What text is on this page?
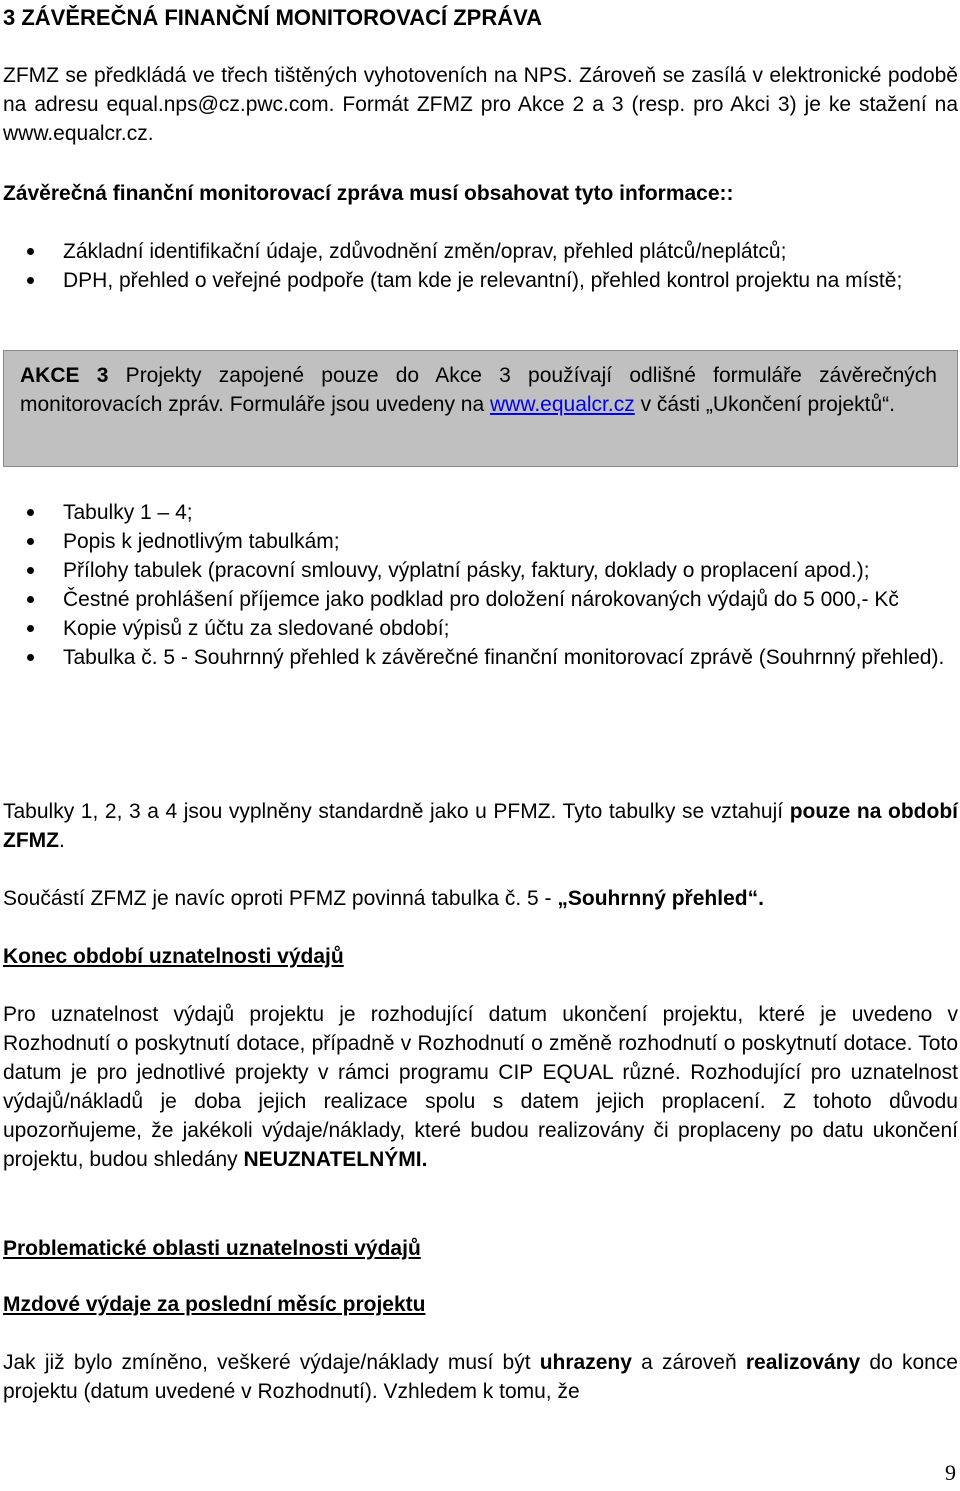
3 ZÁVĚREČNÁ FINANČNÍ MONITOROVACÍ ZPRÁVA

ZFMZ se předkládá ve třech tištěných vyhotoveních na NPS. Zároveň se zasílá v elektronické podobě na adresu equal.nps@cz.pwc.com. Formát ZFMZ pro Akce 2 a 3 (resp. pro Akci 3) je ke stažení na www.equalcr.cz.

Závěrečná finanční monitorovací zpráva musí obsahovat tyto informace::

Základní identifikační údaje, zdůvodnění změn/oprav, přehled plátců/neplátců;
DPH, přehled o veřejné podpoře (tam kde je relevantní), přehled kontrol projektu na místě;

AKCE 3 Projekty zapojené pouze do Akce 3 používají odlišné formuláře závěrečných monitorovacích zpráv. Formuláře jsou uvedeny na www.equalcr.cz v části „Ukončení projektů“.

Tabulky 1 – 4;
Popis k jednotlivým tabulkám;
Přílohy tabulek (pracovní smlouvy, výplatní pásky, faktury, doklady o proplacení apod.);
Čestné prohlášení příjemce jako podklad pro doložení nárokovaných výdajů do 5 000,- Kč
Kopie výpisů z účtu za sledované období;
Tabulka č. 5 - Souhrnný přehled k závěrečné finanční monitorovací zprávě (Souhrnný přehled).

Tabulky 1, 2, 3 a 4 jsou vyplněny standardně jako u PFMZ. Tyto tabulky se vztahují pouze na období ZFMZ.

Součástí ZFMZ je navíc oproti PFMZ povinná tabulka č. 5 - „Souhrnný přehled“.

Konec období uznatelnosti výdajů

Pro uznatelnost výdajů projektu je rozhodující datum ukončení projektu, které je uvedeno v Rozhodnutí o poskytnutí dotace, případně v Rozhodnutí o změně rozhodnutí o poskytnutí dotace. Toto datum je pro jednotlivé projekty v rámci programu CIP EQUAL různé. Rozhodující pro uznatelnost výdajů/nákladů je doba jejich realizace spolu s datem jejich proplacení. Z tohoto důvodu upozorňujeme, že jakékoli výdaje/náklady, které budou realizovány či proplaceny po datu ukončení projektu, budou shledány NEUZNATELNÝMI.

Problematické oblasti uznatelnosti výdajů

Mzdové výdaje za poslední měsíc projektu

Jak již bylo zmíněno, veškeré výdaje/náklady musí být uhrazeny a zároveň realizovány do konce projektu (datum uvedené v Rozhodnutí). Vzhledem k tomu, že

9
